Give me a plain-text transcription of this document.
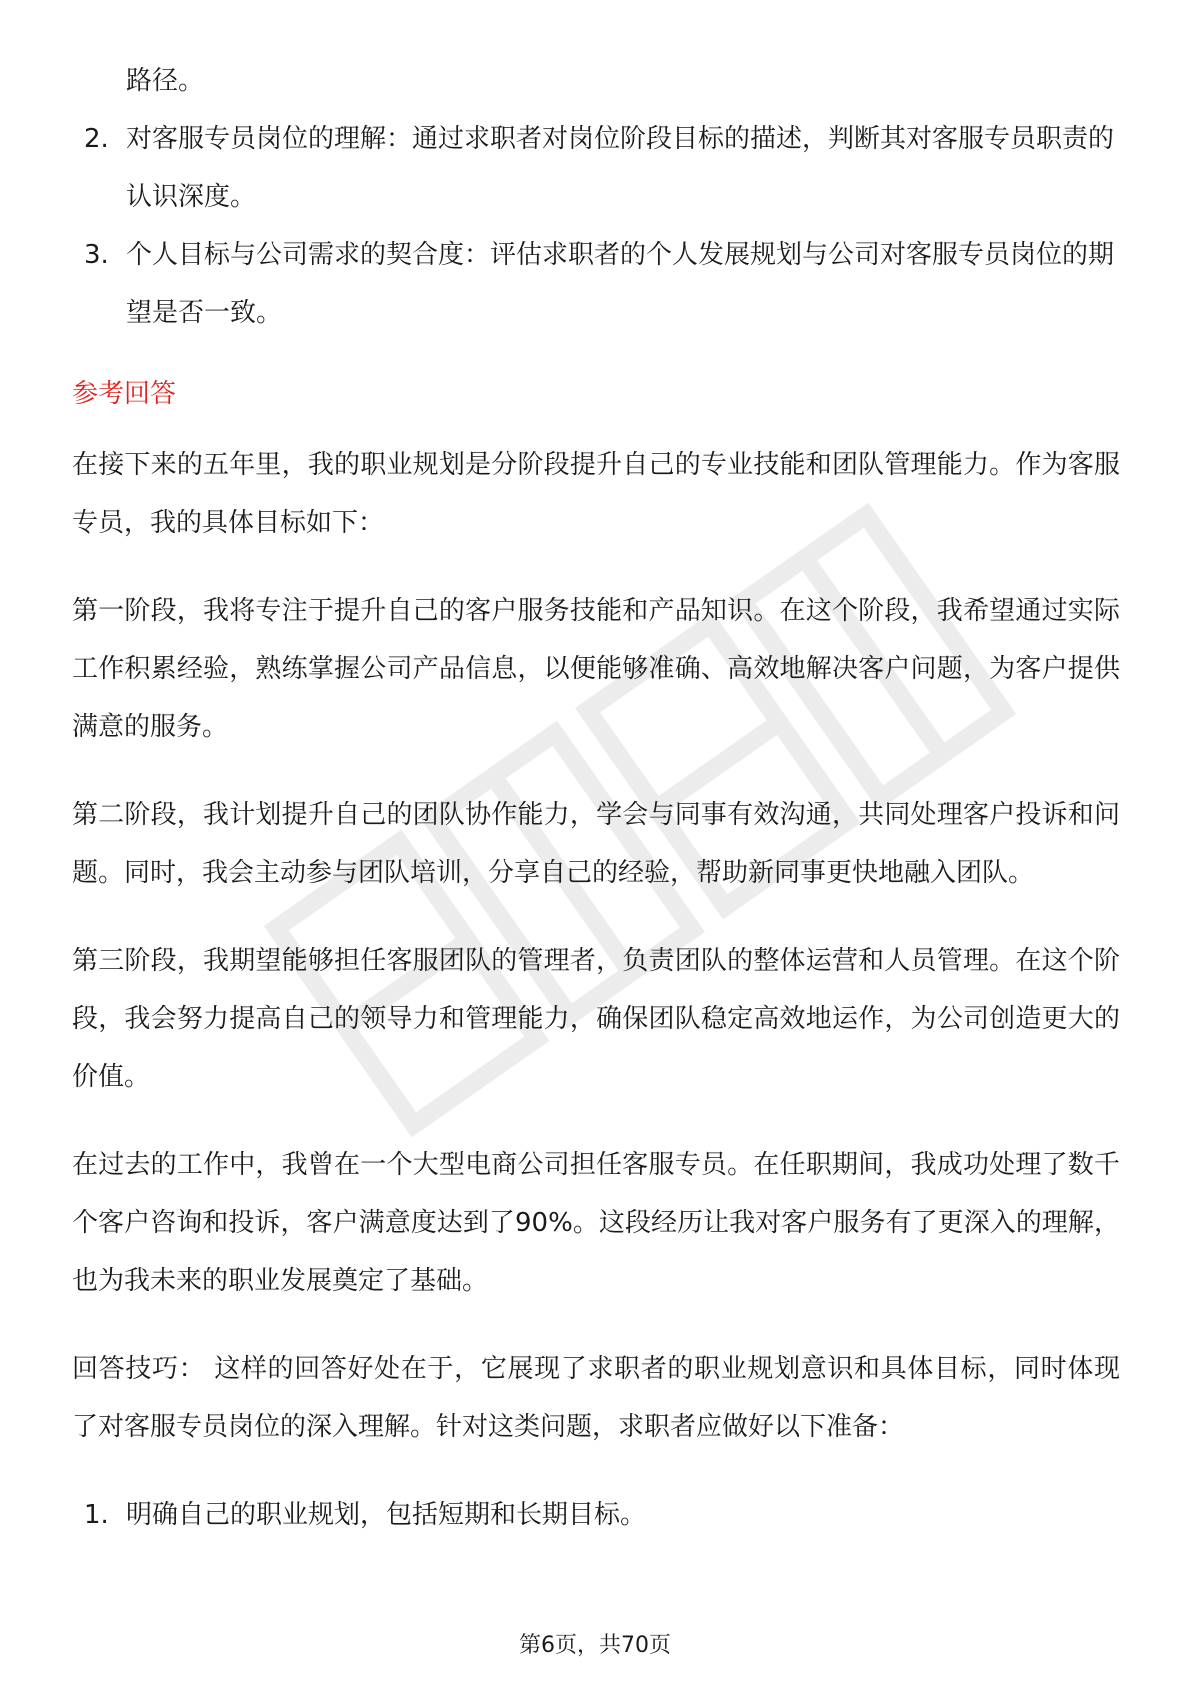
路径。
2. 对客服专员岗位的理解：通过求职者对岗位阶段目标的描述，判断其对客服专员职责的认识深度。
3. 个人目标与公司需求的契合度：评估求职者的个人发展规划与公司对客服专员岗位的期望是否一致。
参考回答

在接下来的五年里，我的职业规划是分阶段提升自己的专业技能和团队管理能力。作为客服专员，我的具体目标如下：

第一阶段，我将专注于提升自己的客户服务技能和产品知识。在这个阶段，我希望通过实际工作积累经验，熟练掌握公司产品信息，以便能够准确、高效地解决客户问题，为客户提供满意的服务。

第二阶段，我计划提升自己的团队协作能力，学会与同事有效沟通，共同处理客户投诉和问题。同时，我会主动参与团队培训，分享自己的经验，帮助新同事更快地融入团队。

第三阶段，我期望能够担任客服团队的管理者，负责团队的整体运营和人员管理。在这个阶段，我会努力提高自己的领导力和管理能力，确保团队稳定高效地运作，为公司创造更大的价值。

在过去的工作中，我曾在一个大型电商公司担任客服专员。在任职期间，我成功处理了数千个客户咨询和投诉，客户满意度达到了90%。这段经历让我对客户服务有了更深入的理解，也为我未来的职业发展奠定了基础。

回答技巧： 这样的回答好处在于，它展现了求职者的职业规划意识和具体目标，同时体现了对客服专员岗位的深入理解。针对这类问题，求职者应做好以下准备：

1. 明确自己的职业规划，包括短期和长期目标。
第6页，共70页
